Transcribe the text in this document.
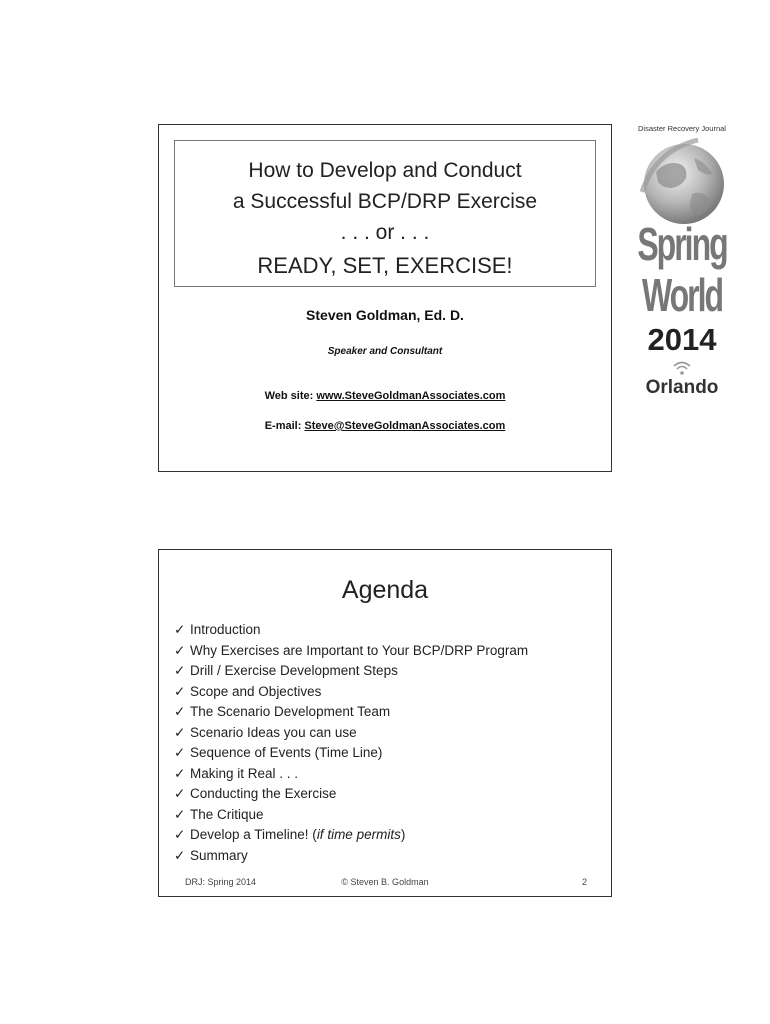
How to Develop and Conduct
a Successful BCP/DRP Exercise
. . . or . . .
READY, SET, EXERCISE!
Steven Goldman, Ed. D.
Speaker and Consultant
Web site: www.SteveGoldmanAssociates.com
E-mail: Steve@SteveGoldmanAssociates.com
Disaster Recovery Journal
Spring
World
2014
Orlando
Agenda
✓ Introduction
✓ Why Exercises are Important to Your BCP/DRP Program
✓ Drill / Exercise Development Steps
✓ Scope and Objectives
✓ The Scenario Development Team
✓ Scenario Ideas you can use
✓ Sequence of Events (Time Line)
✓ Making it Real . . .
✓ Conducting the Exercise
✓ The Critique
✓ Develop a Timeline! (if time permits)
✓ Summary
DRJ: Spring 2014	© Steven B. Goldman	2
